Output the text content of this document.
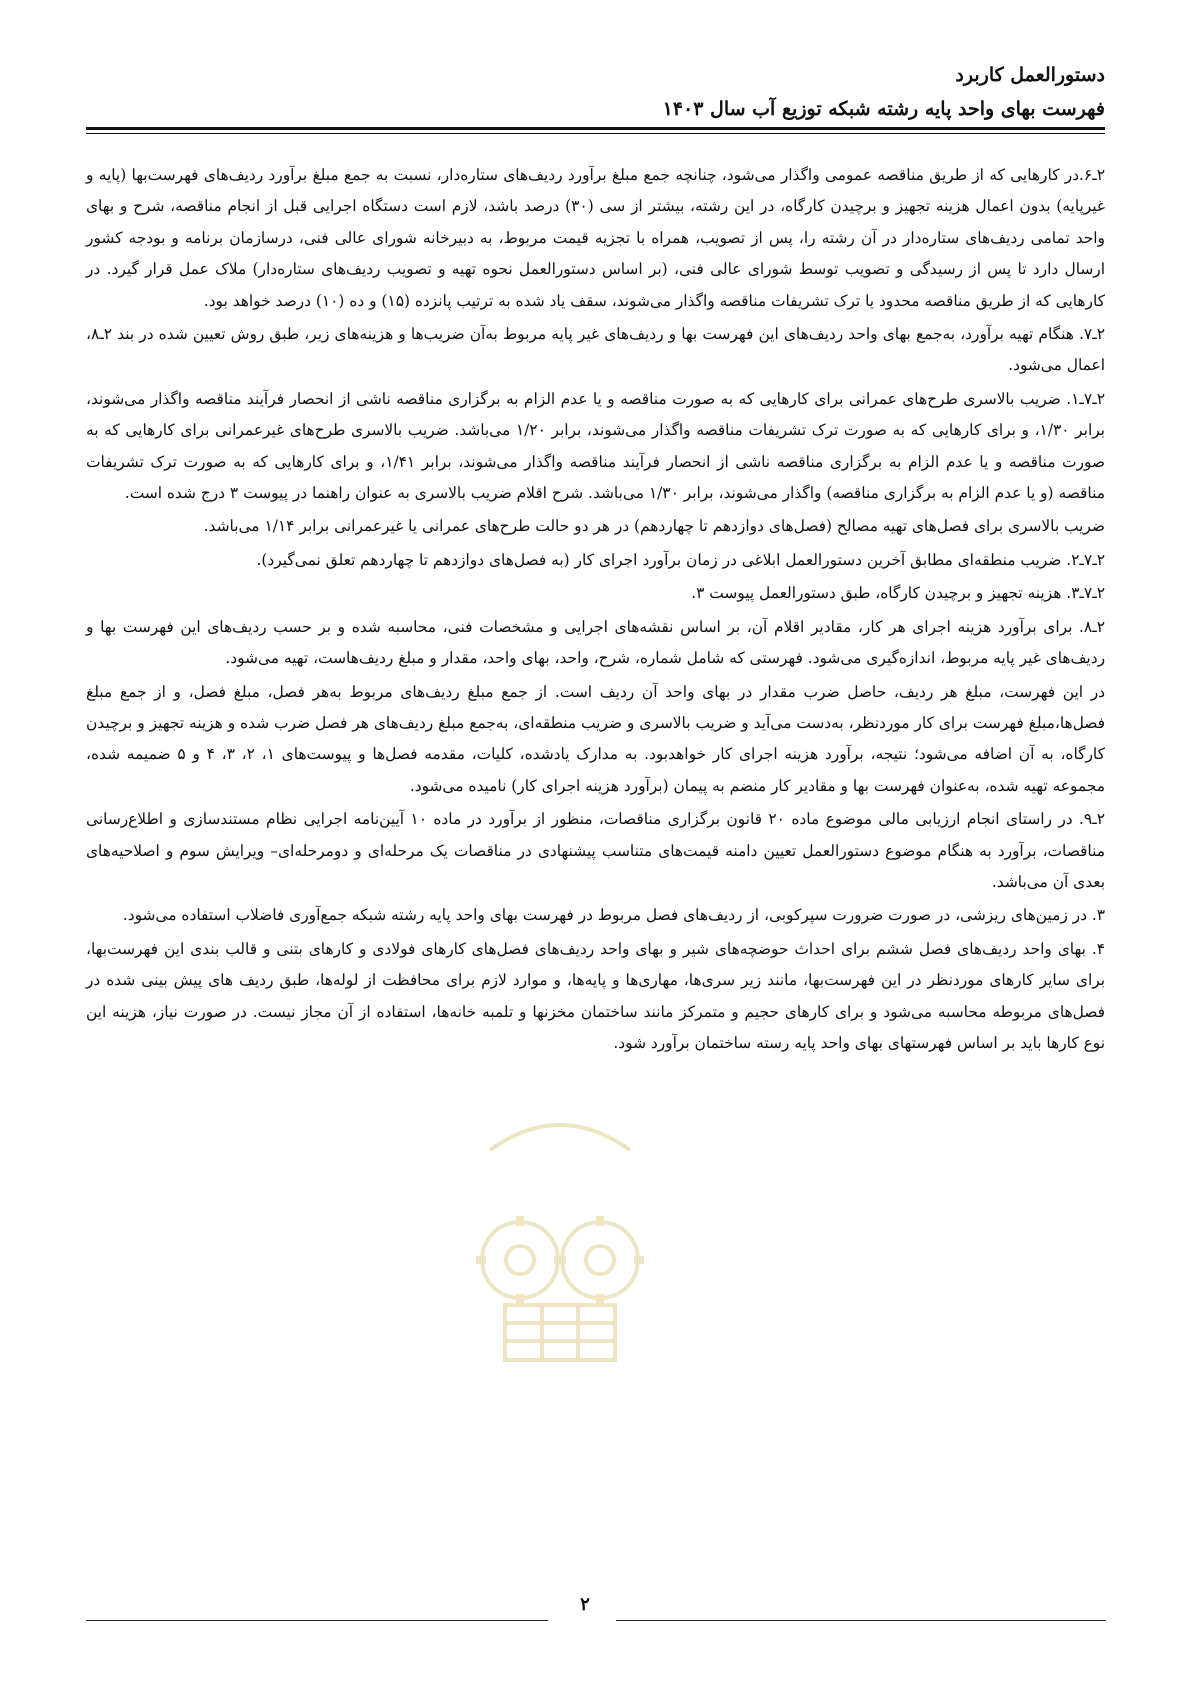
دستورالعمل کاربرد
فهرست بهای واحد پایه رشته شبکه توزیع آب سال ۱۴۰۳

۲ـ۶.در کارهایی که از طریق مناقصه عمومی واگذار می‌شود، چنانچه جمع مبلغ برآورد ردیف‌های ستاره‌دار، نسبت به جمع مبلغ برآورد ردیف‌های فهرست‌بها (پایه و غیرپایه) بدون اعمال هزینه تجهیز و برچیدن کارگاه، در این رشته، بیشتر از سی (۳۰) درصد باشد، لازم است دستگاه اجرایی قبل از انجام مناقصه، شرح و بهای واحد تمامی ردیف‌های ستاره‌دار در آن رشته را، پس از تصویب، همراه با تجزیه قیمت مربوط، به دبیرخانه شورای عالی فنی، درسازمان برنامه و بودجه کشور ارسال دارد تا پس از رسیدگی و تصویب توسط شورای عالی فنی، (بر اساس دستورالعمل نحوه تهیه و تصویب ردیف‌های ستاره‌دار) ملاک عمل قرار گیرد. در کارهایی که از طریق مناقصه محدود یا ترک تشریفات مناقصه واگذار می‌شوند، سقف یاد شده به ترتیب پانزده (۱۵) و ده (۱۰) درصد خواهد بود.

۲ـ۷. هنگام تهیه برآورد، به‌جمع بهای واحد ردیف‌های این فهرست بها و ردیف‌های غیر پایه مربوط به‌آن ضریب‌ها و هزینه‌های زیر، طبق روش تعیین شده در بند ۲ـ۸، اعمال می‌شود.

۲ـ۷ـ۱. ضریب بالاسری طرح‌های عمرانی برای کارهایی که به صورت مناقصه و یا عدم الزام به برگزاری مناقصه ناشی از انحصار فرآیند مناقصه واگذار می‌شوند، برابر ۱/۳۰، و برای کارهایی که به صورت ترک تشریفات مناقصه واگذار می‌شوند، برابر ۱/۲۰ می‌باشد. ضریب بالاسری طرح‌های غیرعمرانی برای کارهایی که به صورت مناقصه و یا عدم الزام به برگزاری مناقصه ناشی از انحصار فرآیند مناقصه واگذار می‌شوند، برابر ۱/۴۱، و برای کارهایی که به صورت ترک تشریفات مناقصه (و یا عدم الزام به برگزاری مناقصه) واگذار می‌شوند، برابر ۱/۳۰ می‌باشد. شرح اقلام ضریب بالاسری به عنوان راهنما در پیوست ۳ درج شده است.

ضریب بالاسری برای فصل‌های تهیه مصالح (فصل‌های دوازدهم تا چهاردهم) در هر دو حالت طرح‌های عمرانی یا غیرعمرانی برابر ۱/۱۴ می‌باشد.

۲ـ۷ـ۲. ضریب منطقه‌ای مطابق آخرین دستورالعمل ابلاغی در زمان برآورد اجرای کار (به فصل‌های دوازدهم تا چهاردهم تعلق نمی‌گیرد).

۲ـ۷ـ۳. هزینه تجهیز و برچیدن کارگاه، طبق دستورالعمل پیوست ۳.

۲ـ۸. برای برآورد هزینه اجرای هر کار، مقادیر اقلام آن، بر اساس نقشه‌های اجرایی و مشخصات فنی، محاسبه شده و بر حسب ردیف‌های این فهرست بها و ردیف‌های غیر پایه مربوط، اندازه‌گیری می‌شود. فهرستی که شامل شماره، شرح، واحد، بهای واحد، مقدار و مبلغ ردیف‌هاست، تهیه می‌شود.

در این فهرست، مبلغ هر ردیف، حاصل ضرب مقدار در بهای واحد آن ردیف است. از جمع مبلغ ردیف‌های مربوط به‌هر فصل، مبلغ فصل، و از جمع مبلغ فصل‌ها،مبلغ فهرست برای کار موردنظر، به‌دست می‌آید و ضریب بالاسری و ضریب منطقه‌ای، به‌جمع مبلغ ردیف‌های هر فصل ضرب شده و هزینه تجهیز و برچیدن کارگاه، به آن اضافه می‌شود؛ نتیجه، برآورد هزینه اجرای کار خواهدبود. به مدارک یادشده، کلیات، مقدمه فصل‌ها و پیوست‌های ۱، ۲، ۳، ۴ و ۵ ضمیمه شده، مجموعه تهیه شده، به‌عنوان فهرست بها و مقادیر کار منضم به پیمان (برآورد هزینه اجرای کار) نامیده می‌شود.

۲ـ۹. در راستای انجام ارزیابی مالی موضوع ماده ۲۰ قانون برگزاری مناقصات، منظور از برآورد در ماده ۱۰ آیین‌نامه اجرایی نظام مستندسازی و اطلاع‌رسانی مناقصات، برآورد به هنگام موضوع دستورالعمل تعیین دامنه قیمت‌های متناسب پیشنهادی در مناقصات یک مرحله‌ای و دومرحله‌ای– ویرایش سوم و اصلاحیه‌های بعدی آن می‌باشد.

۳. در زمین‌های ریزشی، در صورت ضرورت سپرکوبی، از ردیف‌های فصل مربوط در فهرست بهای واحد پایه رشته شبکه جمع‌آوری فاضلاب استفاده می‌شود.

۴. بهای واحد ردیف‌های فصل ششم برای احداث حوضچه‌های شیر و بهای واحد ردیف‌های فصل‌های کارهای فولادی و کارهای بتنی و قالب بندی این فهرست‌بها، برای سایر کارهای موردنظر در این فهرست‌بها، مانند زیر سری‌ها، مهاری‌ها و پایه‌ها، و موارد لازم برای محافظت از لوله‌ها، طبق ردیف های پیش بینی شده در فصل‌های مربوطه محاسبه می‌شود و برای کارهای حجیم و متمرکز مانند ساختمان مخزنها و تلمبه خانه‌ها، استفاده از آن مجاز نیست. در صورت نیاز، هزینه این نوع کارها باید بر اساس فهرستهای بهای واحد پایه رسته ساختمان برآورد شود.

۲
